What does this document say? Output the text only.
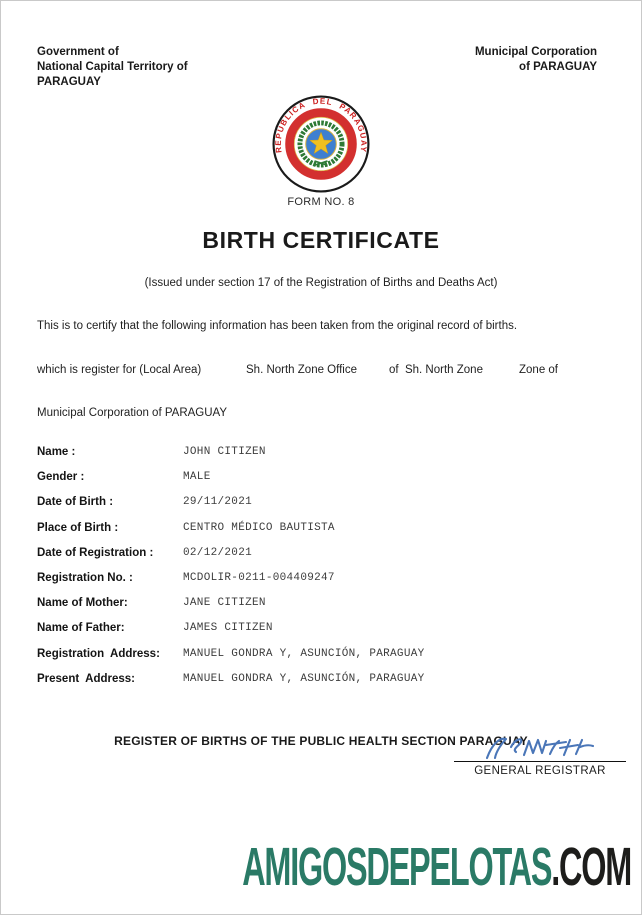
Government of
National Capital Territory of
PARAGUAY
Municipal Corporation
of PARAGUAY
REPUBLICA DEL PARAGUAY
FORM NO. 8
BIRTH CERTIFICATE
(Issued under section 17 of the Registration of Births and Deaths Act)
This is to certify that the following information has been taken from the original record of births.
which is register for (Local Area)	Sh. North Zone Office	of  Sh. North Zone	Zone of
Municipal Corporation of PARAGUAY
Name :	JOHN CITIZEN
Gender :	MALE
Date of Birth :	29/11/2021
Place of Birth :	CENTRO MÉDICO BAUTISTA
Date of Registration :	02/12/2021
Registration No. :	MCDOLIR-0211-004409247
Name of Mother:	JANE CITIZEN
Name of Father:	JAMES CITIZEN
Registration  Address:	MANUEL GONDRA Y, ASUNCIÓN, PARAGUAY
Present  Address:	MANUEL GONDRA Y, ASUNCIÓN, PARAGUAY
REGISTER OF BIRTHS OF THE PUBLIC HEALTH SECTION PARAGUAY
GENERAL REGISTRAR
AMIGOSDEPELOTAS.COM
